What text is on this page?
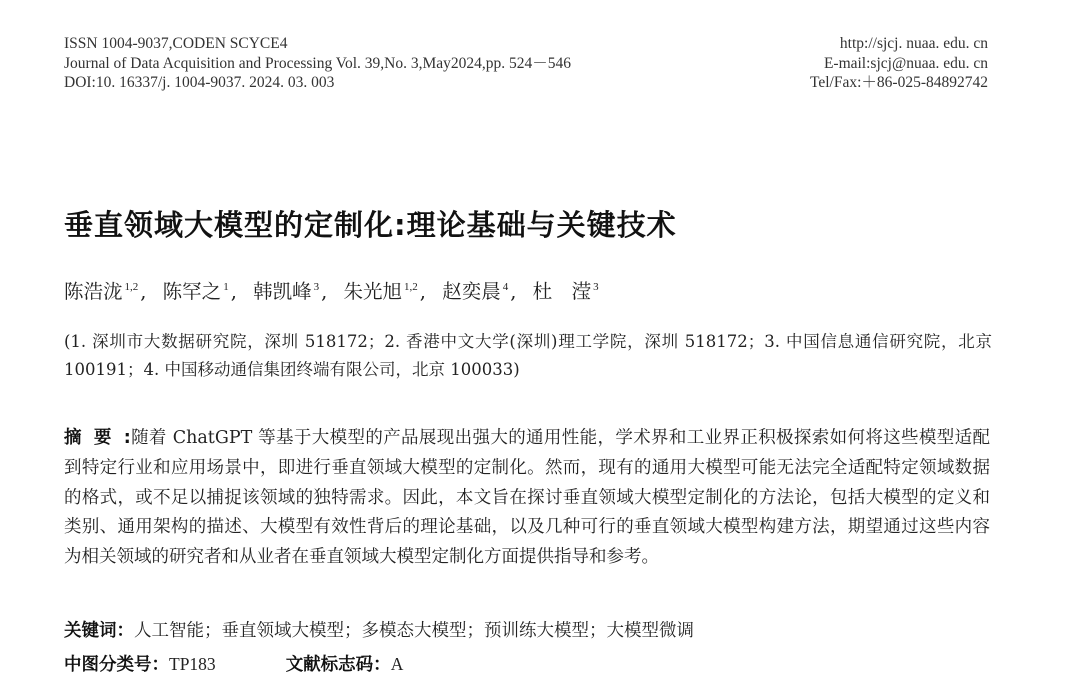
ISSN 1004-9037,CODEN SCYCE4
Journal of Data Acquisition and Processing Vol. 39,No. 3,May2024,pp. 524－546
DOI:10. 16337/j. 1004-9037. 2024. 03. 003
http://sjcj. nuaa. edu. cn
E-mail:sjcj@nuaa. edu. cn
Tel/Fax:＋86-025-84892742
垂直领域大模型的定制化:理论基础与关键技术
陈浩泷 $^{1,2}$ , 陈罕之 $^1$ , 韩凯峰 $^3$ , 朱光旭 $^{1,2}$ , 赵奕晨 $^4$ , 杜　滢 $^3$
(1. 深圳市大数据研究院，深圳 518172；2. 香港中文大学(深圳)理工学院，深圳 518172；3. 中国信息通信研究院，北京 100191；4. 中国移动通信集团终端有限公司，北京 100033)

摘要:随着 ChatGPT 等基于大模型的产品展现出强大的通用性能，学术界和工业界正积极探索如何将这些模型适配到特定行业和应用场景中，即进行垂直领域大模型的定制化。然而，现有的通用大模型可能无法完全适配特定领域数据的格式，或不足以捕捉该领域的独特需求。因此，本文旨在探讨垂直领域大模型定制化的方法论，包括大模型的定义和类别、通用架构的描述、大模型有效性背后的理论基础，以及几种可行的垂直领域大模型构建方法，期望通过这些内容为相关领域的研究者和从业者在垂直领域大模型定制化方面提供指导和参考。

关键词：人工智能；垂直领域大模型；多模态大模型；预训练大模型；大模型微调
中图分类号：TP183	文献标志码：A
